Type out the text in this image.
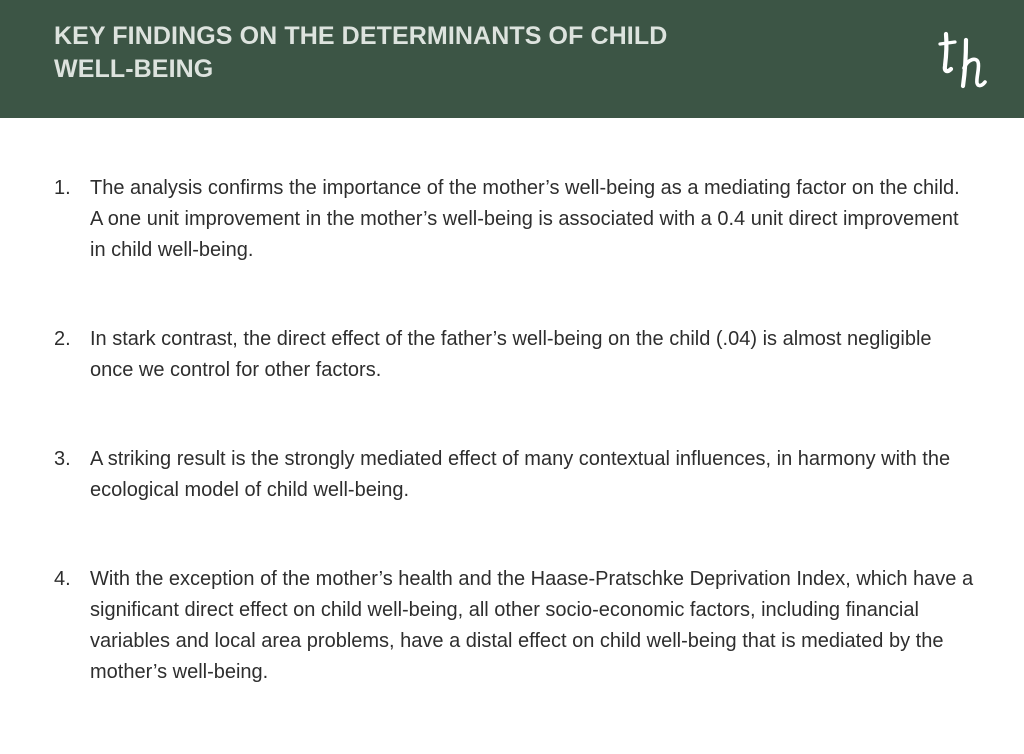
KEY FINDINGS ON THE DETERMINANTS OF CHILD
WELL-BEING
1. The analysis confirms the importance of the mother’s well-being as a mediating factor on the child. A one unit improvement in the mother’s well-being is associated with a 0.4 unit direct improvement in child well-being.
2. In stark contrast, the direct effect of the father’s well-being on the child (.04) is almost negligible once we control for other factors.
3. A striking result is the strongly mediated effect of many contextual influences, in harmony with the ecological model of child well-being.
4. With the exception of the mother’s health and the Haase-Pratschke Deprivation Index, which have a significant direct effect on child well-being, all other socio-economic factors, including financial variables and local area problems, have a distal effect on child well-being that is mediated by the mother’s well-being.
